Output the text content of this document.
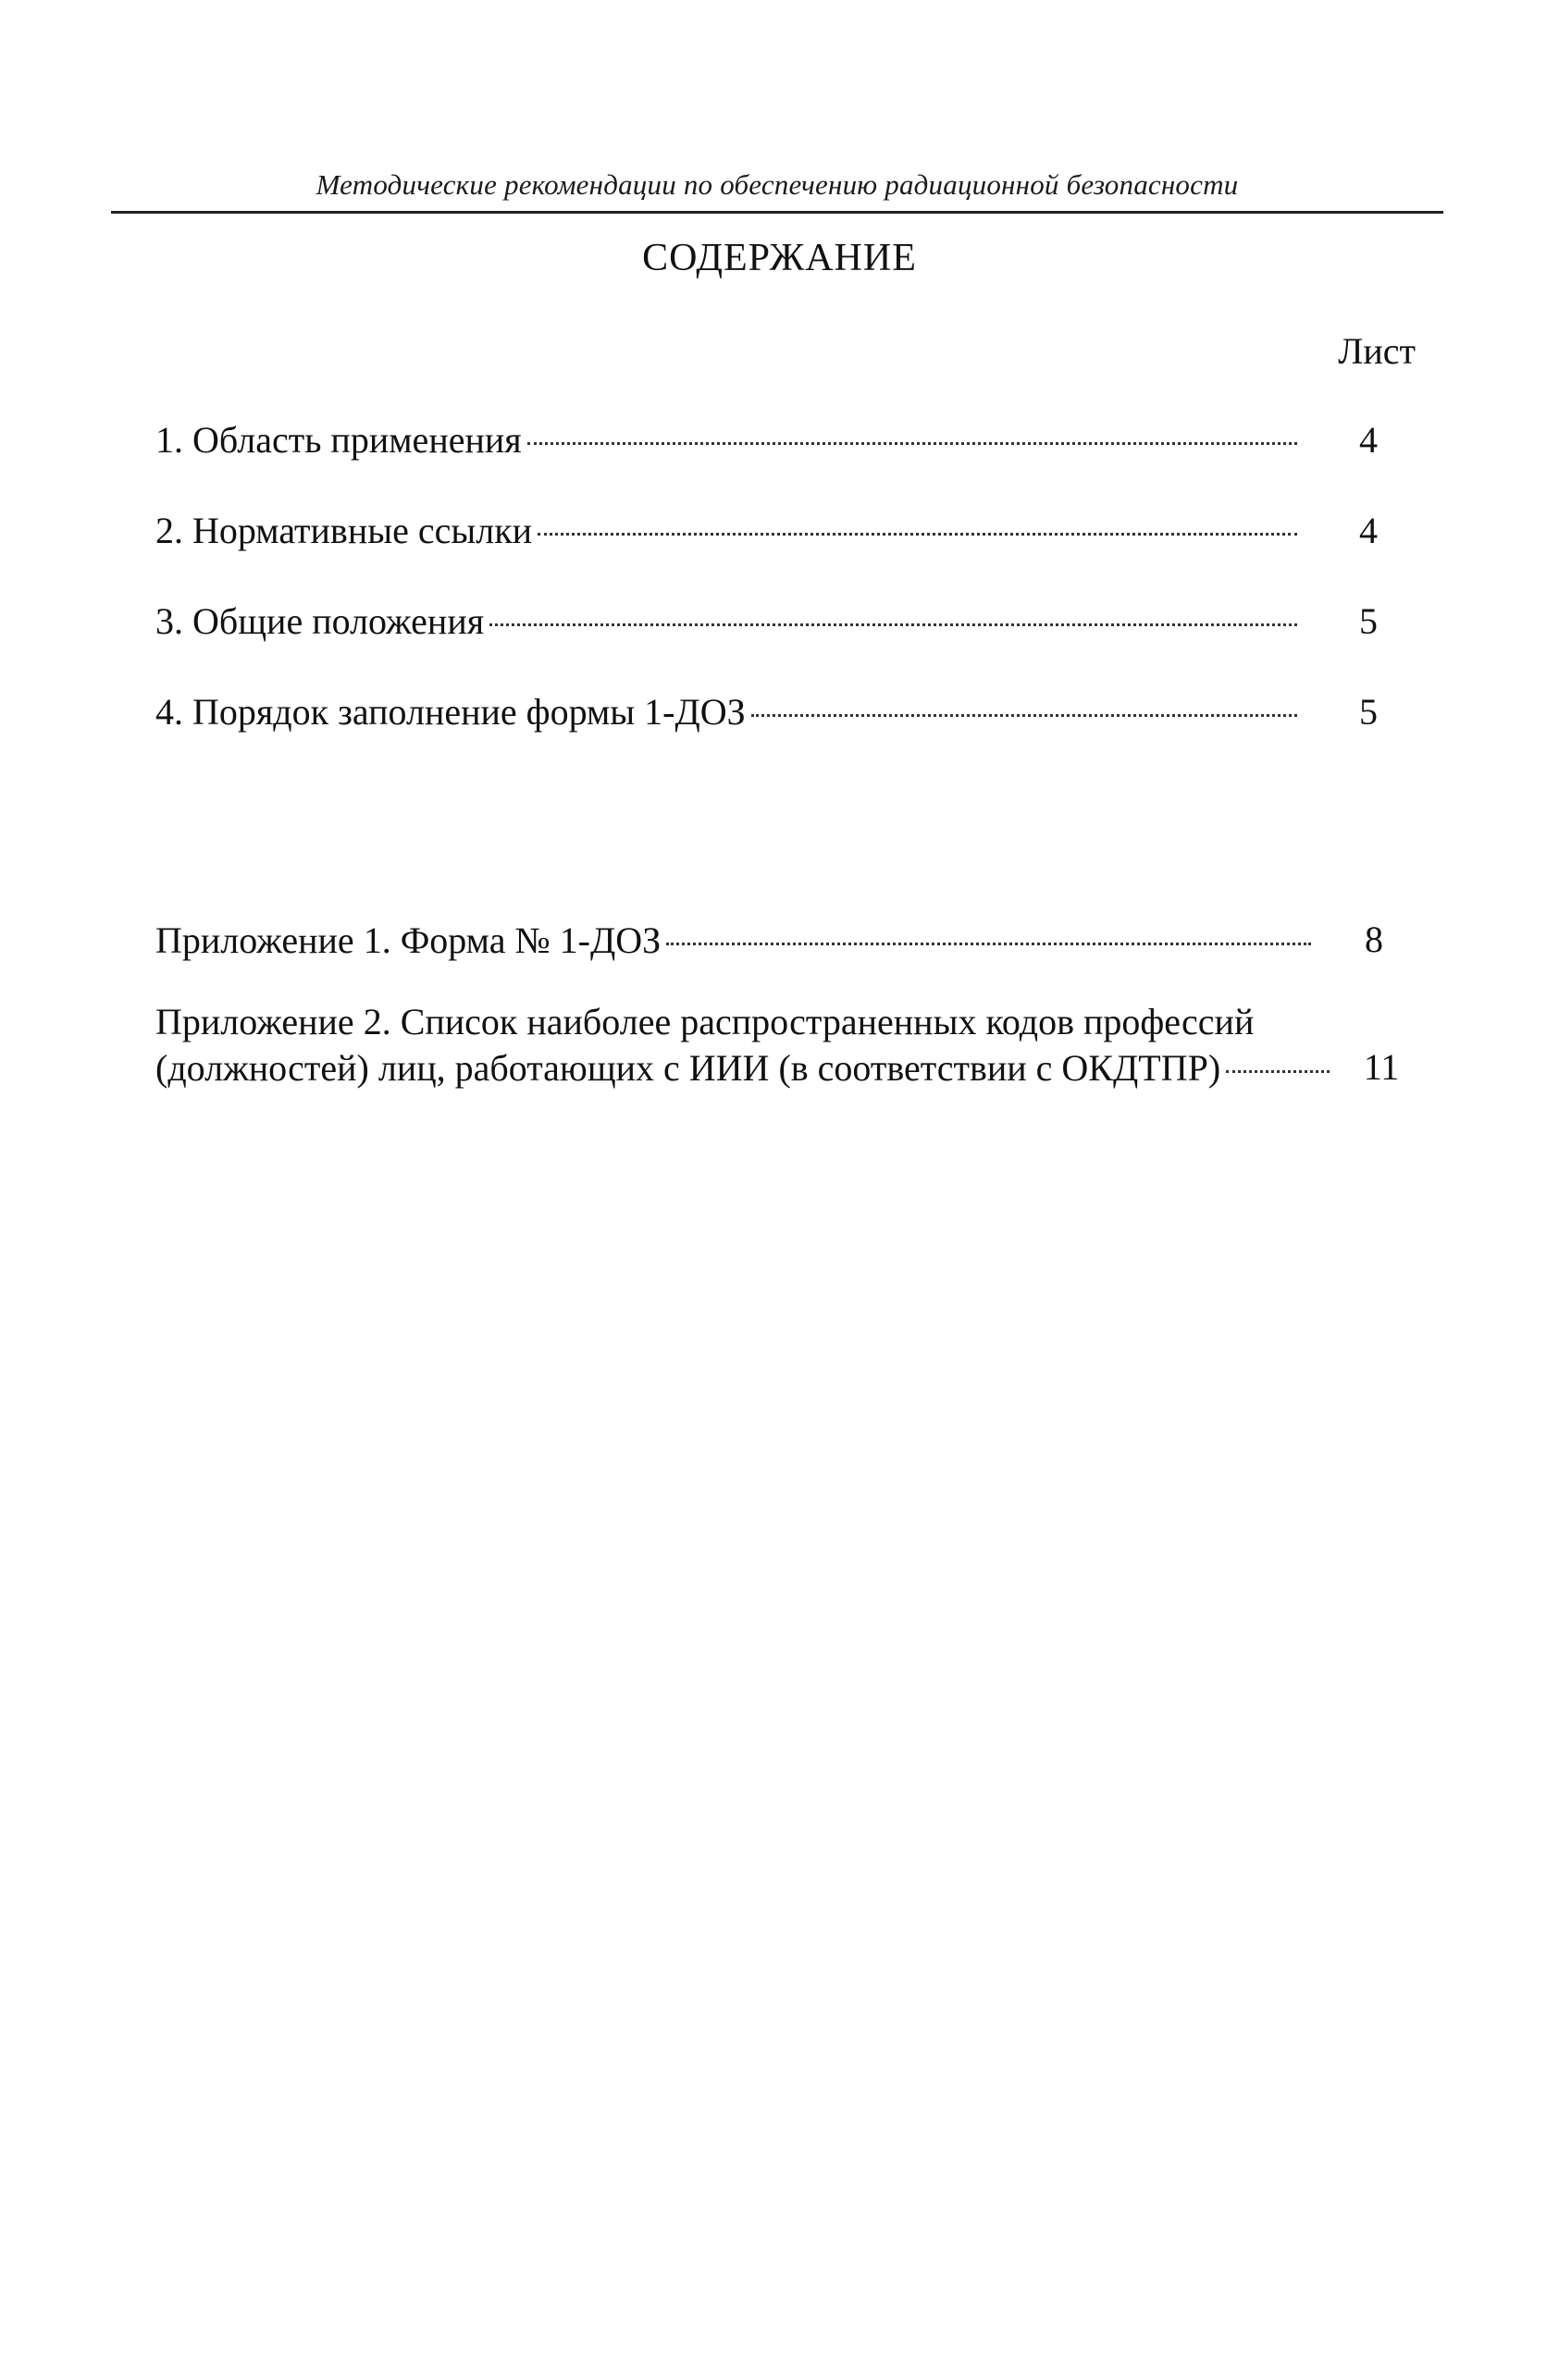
Методические рекомендации по обеспечению радиационной безопасности
СОДЕРЖАНИЕ
Лист
1. Область применения	4
2. Нормативные ссылки	4
3. Общие положения	5
4. Порядок заполнение формы 1-ДОЗ	5
Приложение 1. Форма № 1-ДОЗ	8
Приложение 2. Список наиболее распространенных кодов профессий
(должностей) лиц, работающих с ИИИ (в соответствии с ОКДТПР)	11
